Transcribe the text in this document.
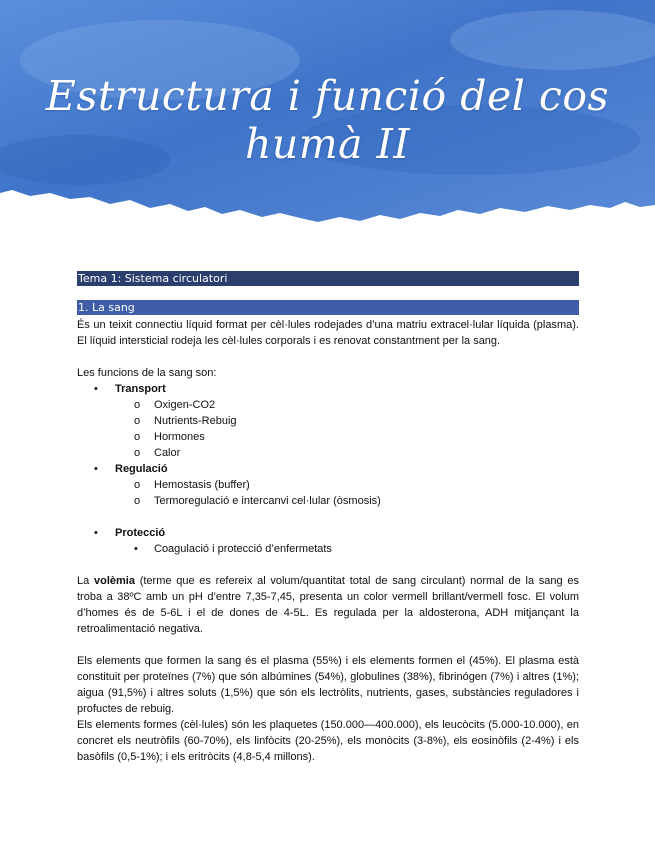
Estructura i funció del cos humà II
Tema 1: Sistema circulatori
1. La sang

És un teixit connectiu líquid format per cèl·lules rodejades d’una matriu extracel·lular líquida (plasma). El líquid intersticial rodeja les cèl·lules corporals i es renovat constantment per la sang.

Les funcions de la sang son:

• Transport
o Oxigen-CO2
o Nutrients-Rebuig
o Hormones
o Calor
• Regulació
o Hemostasis (buffer)
o Termoregulació e intercanvi cel·lular (òsmosis)
• Protecció
• Coagulació i protecció d’enfermetats

La volèmia (terme que es refereix al volum/quantitat total de sang circulant) normal de la sang es troba a 38ºC amb un pH d’entre 7,35-7,45, presenta un color vermell brillant/vermell fosc. El volum d’homes és de 5-6L i el de dones de 4-5L. Es regulada per la aldosterona, ADH mitjançant la retroalimentació negativa.

Els elements que formen la sang és el plasma (55%) i els elements formen el (45%). El plasma està constituit per proteïnes (7%) que són albúmines (54%), globulines (38%), fibrinógen (7%) i altres (1%); aigua (91,5%) i altres soluts (1,5%) que són els lectròlits, nutrients, gases, substàncies reguladores i profuctes de rebuig.

Els elements formes (cèl·lules) són les plaquetes (150.000—400.000), els leucòcits (5.000-10.000), en concret els neutròfils (60-70%), els linfòcits (20-25%), els monòcits (3-8%), els eosinòfils (2-4%) i els basòfils (0,5-1%); i els eritròcits (4,8-5,4 millons).
